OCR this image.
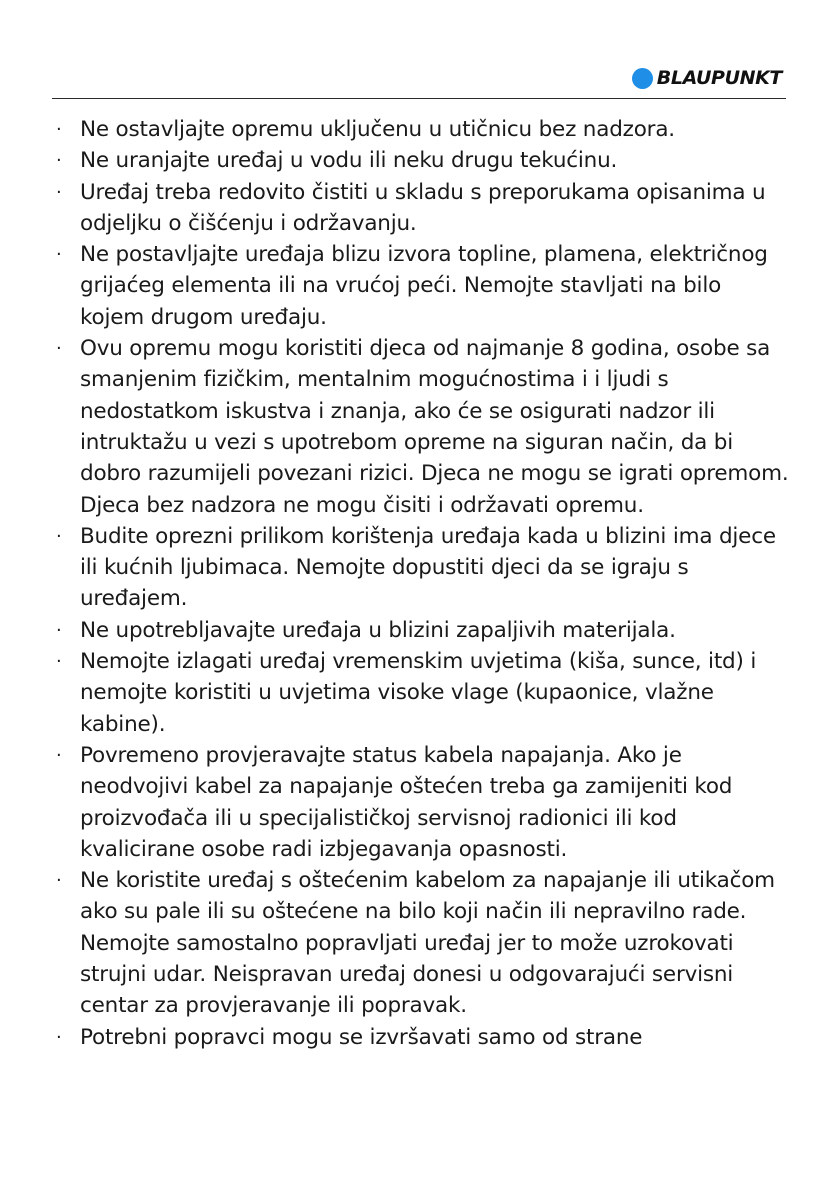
BLAUPUNKT
· Ne ostavljajte opremu uključenu u utičnicu bez nadzora.
· Ne uranjajte uređaj u vodu ili neku drugu tekućinu.
· Uređaj treba redovito čistiti u skladu s preporukama opisanima u odjeljku o čišćenju i održavanju.
· Ne postavljajte uređaja blizu izvora topline, plamena, električnog grijaćeg elementa ili na vrućoj peći. Nemojte stavljati na bilo kojem drugom uređaju.
· Ovu opremu mogu koristiti djeca od najmanje 8 godina, osobe sa smanjenim fizičkim, mentalnim mogućnostima i i ljudi s nedostatkom iskustva i znanja, ako će se osigurati nadzor ili intruktažu u vezi s upotrebom opreme na siguran način, da bi dobro razumijeli povezani rizici. Djeca ne mogu se igrati opremom. Djeca bez nadzora ne mogu čisiti i održavati opremu.
· Budite oprezni prilikom korištenja uređaja kada u blizini ima djece ili kućnih ljubimaca. Nemojte dopustiti djeci da se igraju s uređajem.
· Ne upotrebljavajte uređaja u blizini zapaljivih materijala.
· Nemojte izlagati uređaj vremenskim uvjetima (kiša, sunce, itd) i nemojte koristiti u uvjetima visoke vlage (kupaonice, vlažne kabine).
· Povremeno provjeravajte status kabela napajanja. Ako je neodvojivi kabel za napajanje oštećen treba ga zamijeniti kod proizvođača ili u specijalističkoj servisnoj radionici ili kod kvalicirane osobe radi izbjegavanja opasnosti.
· Ne koristite uređaj s oštećenim kabelom za napajanje ili utikačom ako su pale ili su oštećene na bilo koji način ili nepravilno rade. Nemojte samostalno popravljati uređaj jer to može uzrokovati strujni udar. Neispravan uređaj donesi u odgovarajući servisni centar za provjeravanje ili popravak.
· Potrebni popravci mogu se izvršavati samo od strane
